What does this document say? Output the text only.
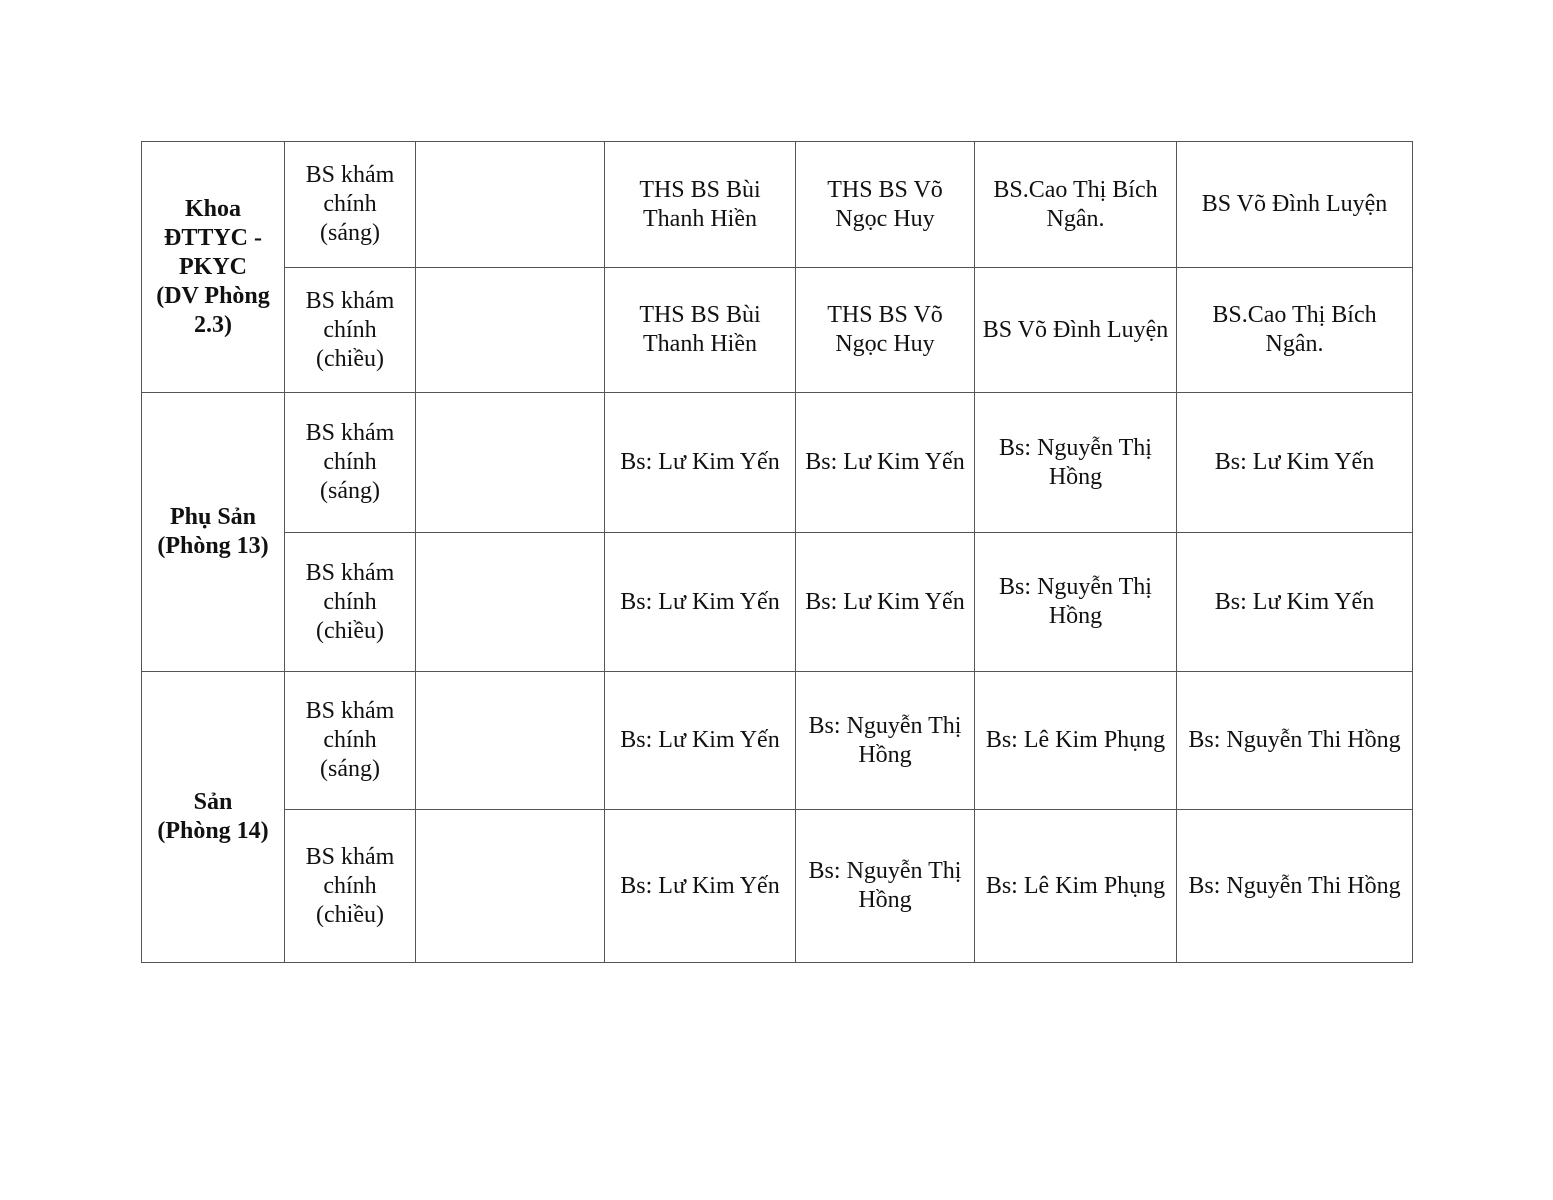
Khoa
ĐTTYC -
PKYC
(DV Phòng
2.3)	BS khám
chính
(sáng)		THS BS Bùi Thanh Hiền	THS BS Võ Ngọc Huy	BS.Cao Thị Bích Ngân.	BS Võ Đình Luyện

	BS khám
chính
(chiều)		THS BS Bùi Thanh Hiền	THS BS Võ Ngọc Huy	BS Võ Đình Luyện	BS.Cao Thị Bích Ngân.

Phụ Sản
(Phòng 13)	BS khám
chính
(sáng)		Bs: Lư Kim Yến	Bs: Lư Kim Yến	Bs: Nguyễn Thị Hồng	Bs: Lư Kim Yến

	BS khám
chính
(chiều)		Bs: Lư Kim Yến	Bs: Lư Kim Yến	Bs: Nguyễn Thị Hồng	Bs: Lư Kim Yến

Sản
(Phòng 14)	BS khám
chính
(sáng)		Bs: Lư Kim Yến	Bs: Nguyễn Thị Hồng	Bs: Lê Kim Phụng	Bs: Nguyễn Thi Hồng

	BS khám
chính
(chiều)		Bs: Lư Kim Yến	Bs: Nguyễn Thị Hồng	Bs: Lê Kim Phụng	Bs: Nguyễn Thi Hồng
